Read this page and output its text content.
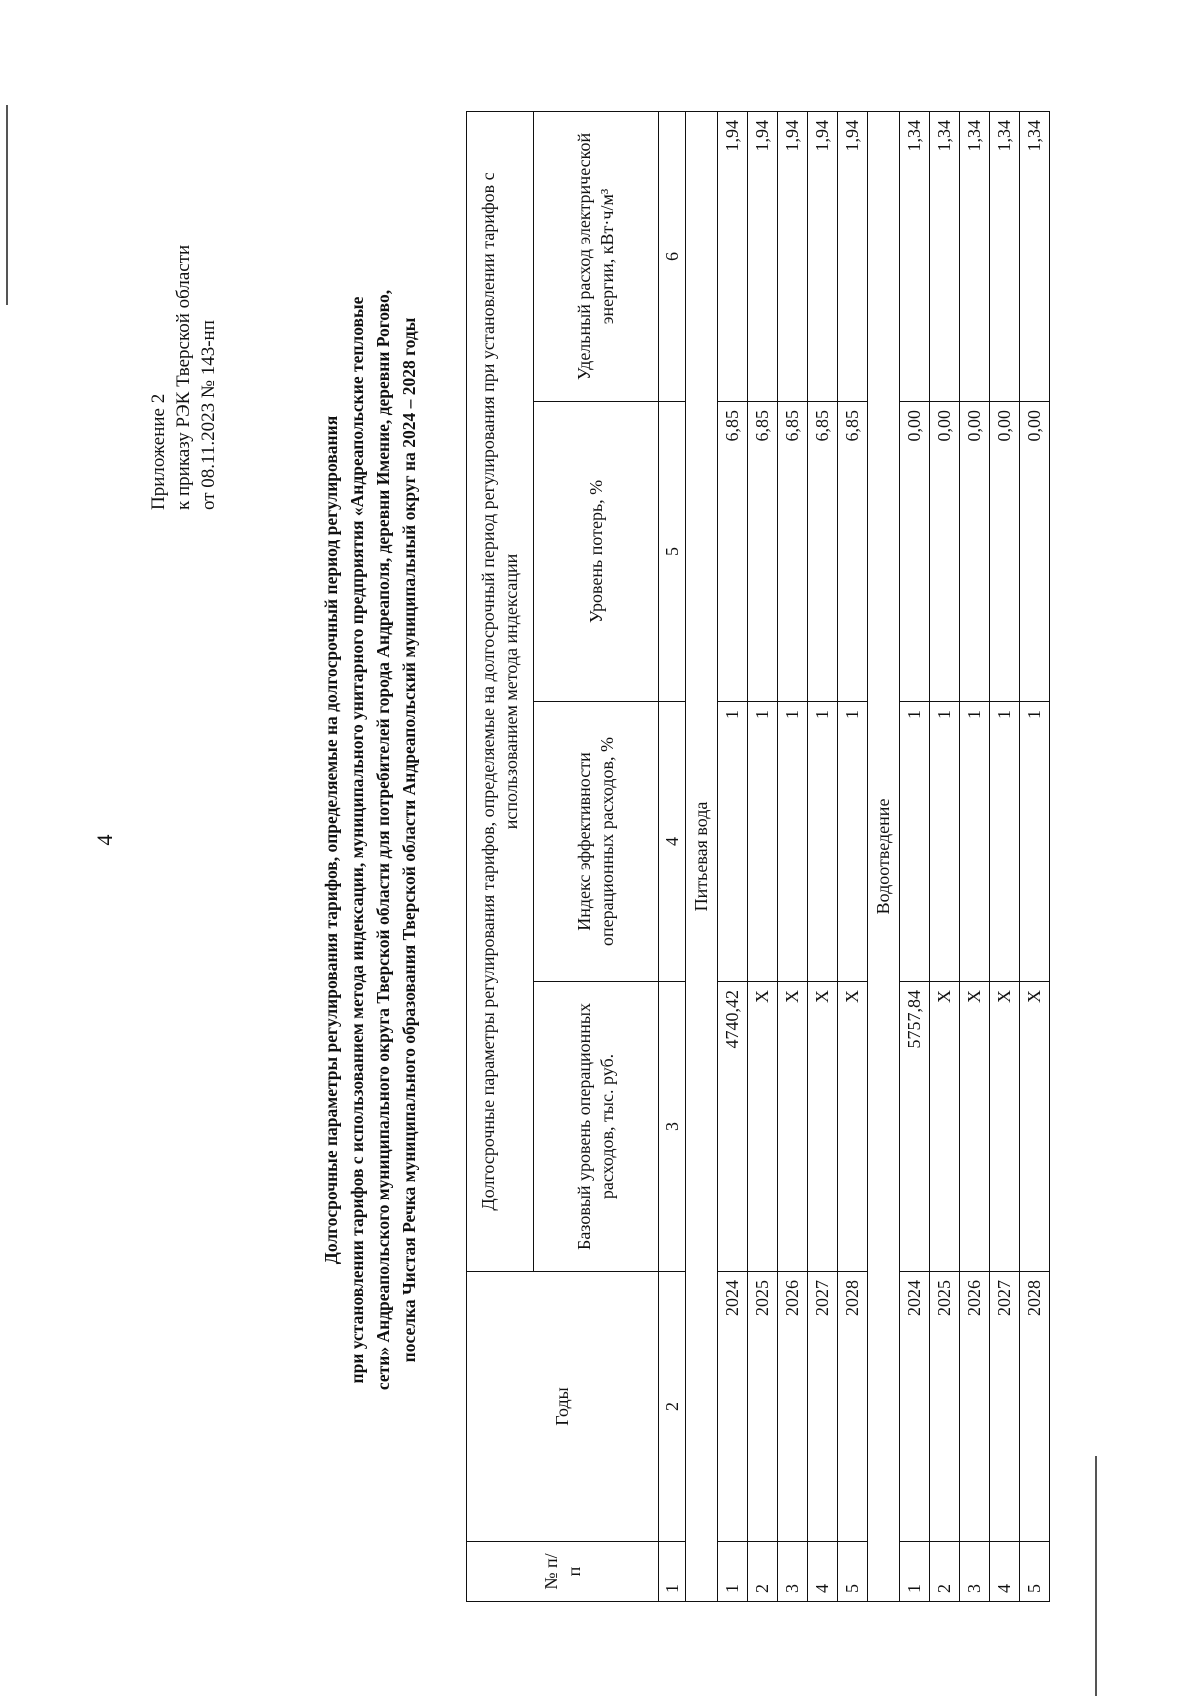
4
Приложение 2 к приказу РЭК Тверской области от 08.11.2023 № 143-нп
Долгосрочные параметры регулирования тарифов, определяемые на долгосрочный период регулирования при установлении тарифов с использованием метода индексации, муниципального унитарного предприятия «Андреапольские тепловые сети» Андреапольского муниципального округа Тверской области для потребителей города Андреаполя, деревни Имение, деревни Рогово, поселка Чистая Речка муниципального образования Тверской области Андреапольский муниципальный округ на 2024 – 2028 годы
№ п/п	Годы	Долгосрочные параметры регулирования тарифов, определяемые на долгосрочный период регулирования при установлении тарифов с использованием метода индексации			
		Базовый уровень операционных расходов, тыс. руб.	Индекс эффективности операционных расходов, %	Уровень потерь, %	Удельный расход электрической энергии, кВт·ч/м³
1	2	3	4	5	6
Питьевая вода					
1	2024	4740,42	1	6,85	1,94
2	2025	Х	1	6,85	1,94
3	2026	Х	1	6,85	1,94
4	2027	Х	1	6,85	1,94
5	2028	Х	1	6,85	1,94
Водоотведение					
1	2024	5757,84	1	0,00	1,34
2	2025	Х	1	0,00	1,34
3	2026	Х	1	0,00	1,34
4	2027	Х	1	0,00	1,34
5	2028	Х	1	0,00	1,34
